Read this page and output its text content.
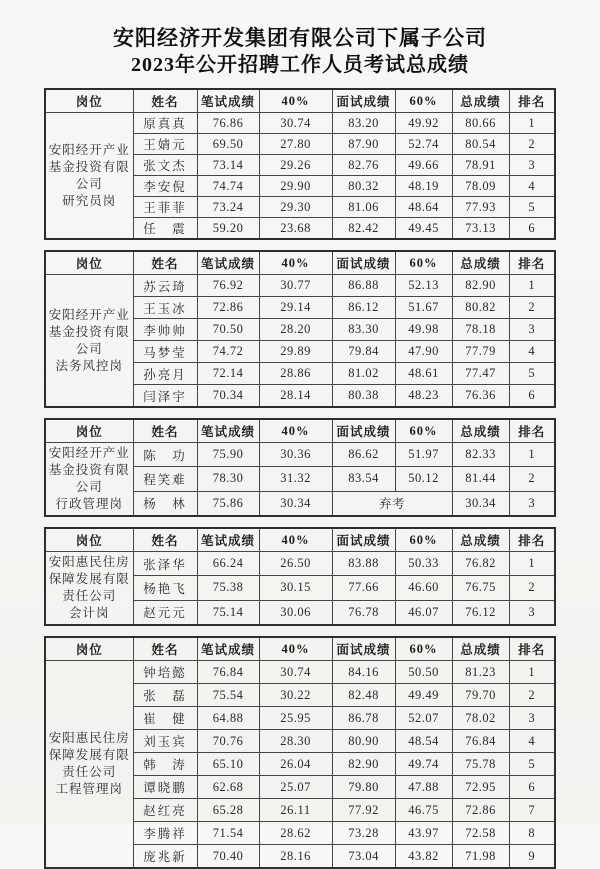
安阳经济开发集团有限公司下属子公司
2023年公开招聘工作人员考试总成绩
岗位	姓名	笔试成绩	40%	面试成绩	60%	总成绩	排名

安阳经开产业
基金投资有限
公司
研究员岗	原真真	76.86	30.74	83.20	49.92	80.66	1
	王婧元	69.50	27.80	87.90	52.74	80.54	2
	张文杰	73.14	29.26	82.76	49.66	78.91	3
	李安倪	74.74	29.90	80.32	48.19	78.09	4
	王菲菲	73.24	29.30	81.06	48.64	77.93	5
	任　震	59.20	23.68	82.42	49.45	73.13	6
岗位	姓名	笔试成绩	40%	面试成绩	60%	总成绩	排名

安阳经开产业
基金投资有限
公司
法务风控岗	苏云琦	76.92	30.77	86.88	52.13	82.90	1
	王玉冰	72.86	29.14	86.12	51.67	80.82	2
	李帅帅	70.50	28.20	83.30	49.98	78.18	3
	马梦莹	74.72	29.89	79.84	47.90	77.79	4
	孙亮月	72.14	28.86	81.02	48.61	77.47	5
	闫泽宇	70.34	28.14	80.38	48.23	76.36	6
岗位	姓名	笔试成绩	40%	面试成绩	60%	总成绩	排名

安阳经开产业
基金投资有限
公司
行政管理岗	陈　功	75.90	30.36	86.62	51.97	82.33	1
	程笑难	78.30	31.32	83.54	50.12	81.44	2
	杨　林	75.86	30.34	弃考		30.34	3
岗位	姓名	笔试成绩	40%	面试成绩	60%	总成绩	排名

安阳惠民住房
保障发展有限
责任公司
会计岗	张泽华	66.24	26.50	83.88	50.33	76.82	1
	杨艳飞	75.38	30.15	77.66	46.60	76.75	2
	赵元元	75.14	30.06	76.78	46.07	76.12	3
岗位	姓名	笔试成绩	40%	面试成绩	60%	总成绩	排名

安阳惠民住房
保障发展有限
责任公司
工程管理岗	钟培懿	76.84	30.74	84.16	50.50	81.23	1
	张　磊	75.54	30.22	82.48	49.49	79.70	2
	崔　健	64.88	25.95	86.78	52.07	78.02	3
	刘玉宾	70.76	28.30	80.90	48.54	76.84	4
	韩　涛	65.10	26.04	82.90	49.74	75.78	5
	谭晓鹏	62.68	25.07	79.80	47.88	72.95	6
	赵红亮	65.28	26.11	77.92	46.75	72.86	7
	李腾祥	71.54	28.62	73.28	43.97	72.58	8
	庞兆新	70.40	28.16	73.04	43.82	71.98	9
